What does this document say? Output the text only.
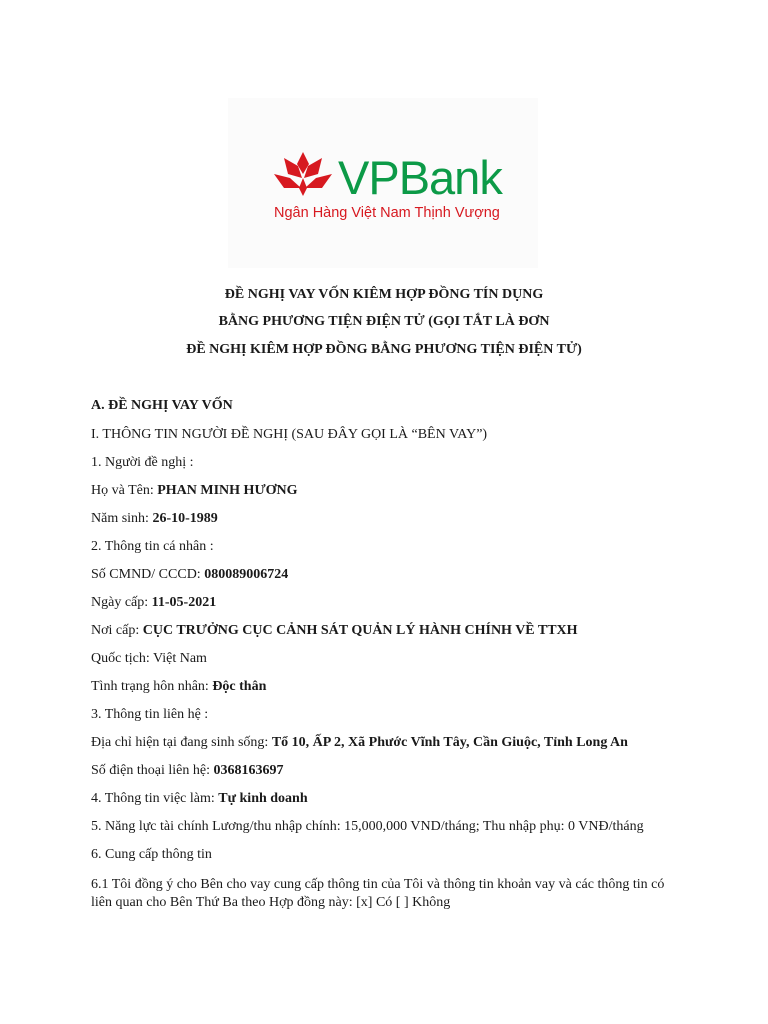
VPBank
Ngân Hàng Việt Nam Thịnh Vượng
ĐỀ NGHỊ VAY VỐN KIÊM HỢP ĐỒNG TÍN DỤNG
BẰNG PHƯƠNG TIỆN ĐIỆN TỬ (GỌI TẮT LÀ ĐƠN
ĐỀ NGHỊ KIÊM HỢP ĐỒNG BẰNG PHƯƠNG TIỆN ĐIỆN TỬ)
A. ĐỀ NGHỊ VAY VỐN
I. THÔNG TIN NGƯỜI ĐỀ NGHỊ (SAU ĐÂY GỌI LÀ “BÊN VAY”)
1. Người đề nghị :
Họ và Tên: PHAN MINH HƯƠNG
Năm sinh: 26-10-1989
2. Thông tin cá nhân :
Số CMND/ CCCD: 080089006724
Ngày cấp: 11-05-2021
Nơi cấp: CỤC TRƯỞNG CỤC CẢNH SÁT QUẢN LÝ HÀNH CHÍNH VỀ TTXH
Quốc tịch: Việt Nam
Tình trạng hôn nhân: Độc thân
3. Thông tin liên hệ :
Địa chỉ hiện tại đang sinh sống: Tổ 10, ẤP 2, Xã Phước Vĩnh Tây, Cần Giuộc, Tỉnh Long An
Số điện thoại liên hệ: 0368163697
4. Thông tin việc làm: Tự kinh doanh
5. Năng lực tài chính Lương/thu nhập chính: 15,000,000 VND/tháng; Thu nhập phụ: 0 VNĐ/tháng
6. Cung cấp thông tin
6.1 Tôi đồng ý cho Bên cho vay cung cấp thông tin của Tôi và thông tin khoản vay và các thông tin có liên quan cho Bên Thứ Ba theo Hợp đồng này: [x] Có [ ] Không
